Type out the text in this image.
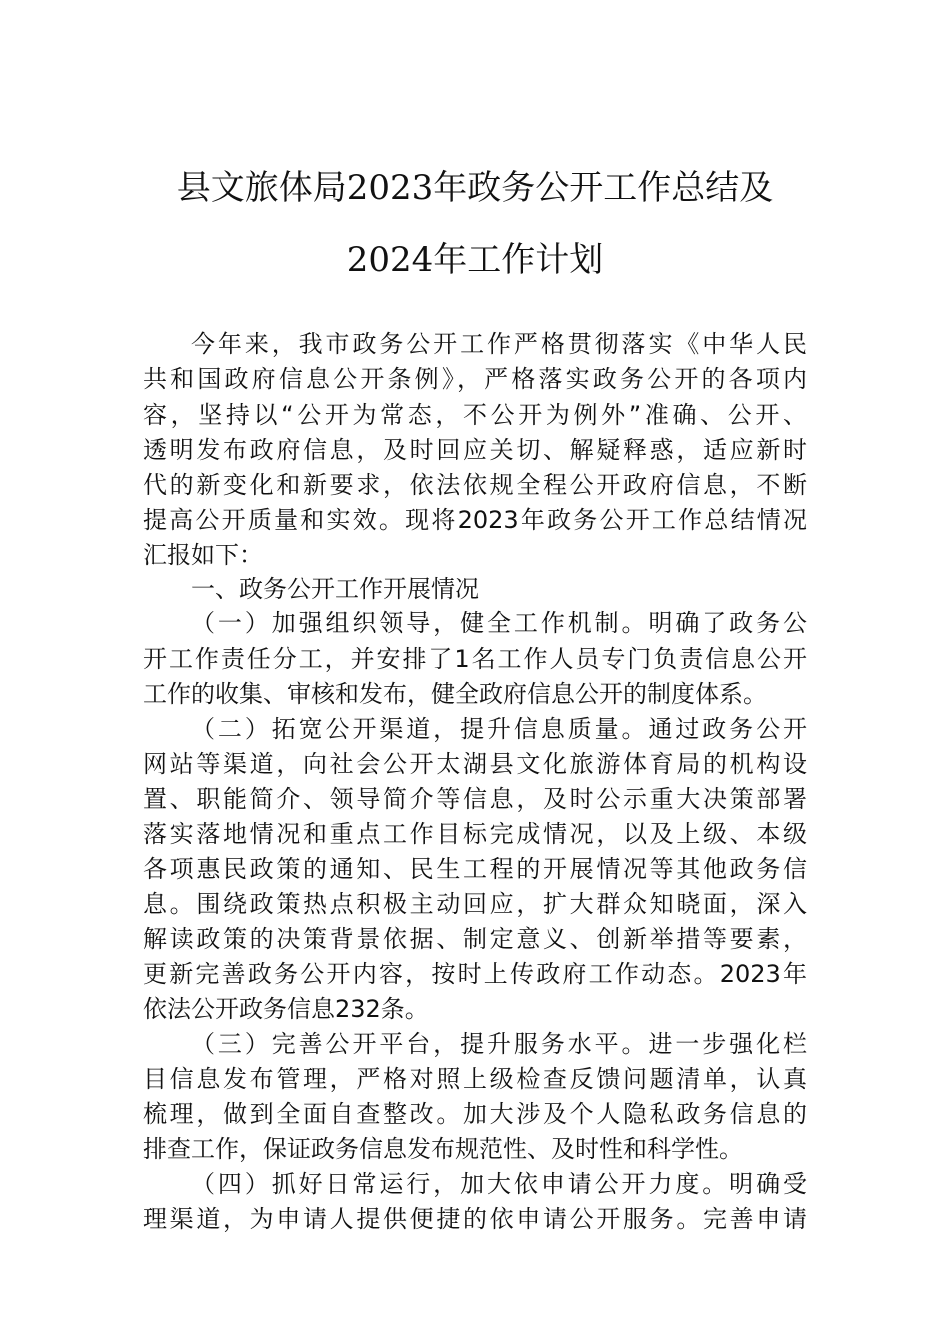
县文旅体局2023年政务公开工作总结及
2024年工作计划
今年来，我市政务公开工作严格贯彻落实《中华人民
共和国政府信息公开条例》，严格落实政务公开的各项内
容，坚持以“公开为常态，不公开为例外”准确、公开、
透明发布政府信息，及时回应关切、解疑释惑，适应新时
代的新变化和新要求，依法依规全程公开政府信息，不断
提高公开质量和实效。现将2023年政务公开工作总结情况
汇报如下：
一、政务公开工作开展情况
（一）加强组织领导，健全工作机制。明确了政务公
开工作责任分工，并安排了1名工作人员专门负责信息公开
工作的收集、审核和发布，健全政府信息公开的制度体系。
（二）拓宽公开渠道，提升信息质量。通过政务公开
网站等渠道，向社会公开太湖县文化旅游体育局的机构设
置、职能简介、领导简介等信息，及时公示重大决策部署
落实落地情况和重点工作目标完成情况，以及上级、本级
各项惠民政策的通知、民生工程的开展情况等其他政务信
息。围绕政策热点积极主动回应，扩大群众知晓面，深入
解读政策的决策背景依据、制定意义、创新举措等要素，
更新完善政务公开内容，按时上传政府工作动态。2023年
依法公开政务信息232条。
（三）完善公开平台，提升服务水平。进一步强化栏
目信息发布管理，严格对照上级检查反馈问题清单，认真
梳理，做到全面自查整改。加大涉及个人隐私政务信息的
排查工作，保证政务信息发布规范性、及时性和科学性。
（四）抓好日常运行，加大依申请公开力度。明确受
理渠道，为申请人提供便捷的依申请公开服务。完善申请
